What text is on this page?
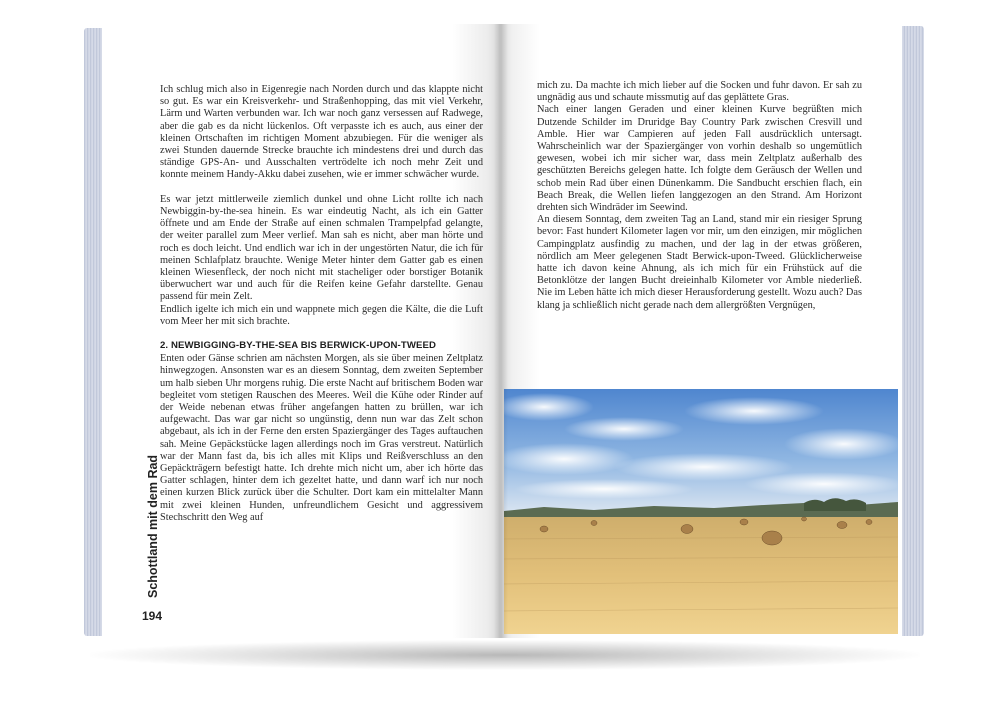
Ich schlug mich also in Eigenregie nach Norden durch und das klappte nicht so gut. Es war ein Kreisverkehr- und Straßenhopping, das mit viel Verkehr, Lärm und Warten verbunden war. Ich war noch ganz versessen auf Radwege, aber die gab es da nicht lückenlos. Oft verpasste ich es auch, aus einer der kleinen Ortschaften im richtigen Moment abzubiegen. Für die weniger als zwei Stunden dauernde Strecke brauchte ich mindestens drei und durch das ständige GPS-An- und Ausschalten vertrödelte ich noch mehr Zeit und konnte meinem Handy-Akku dabei zusehen, wie er immer schwächer wurde.

Es war jetzt mittlerweile ziemlich dunkel und ohne Licht rollte ich nach Newbiggin-by-the-sea hinein. Es war eindeutig Nacht, als ich ein Gatter öffnete und am Ende der Straße auf einen schmalen Trampelpfad gelangte, der weiter parallel zum Meer verlief. Man sah es nicht, aber man hörte und roch es doch leicht. Und endlich war ich in der ungestörten Natur, die ich für meinen Schlafplatz brauchte. Wenige Meter hinter dem Gatter gab es einen kleinen Wiesenfleck, der noch nicht mit stacheliger oder borstiger Botanik überwuchert war und auch für die Reifen keine Gefahr darstellte. Genau passend für mein Zelt.

Endlich igelte ich mich ein und wappnete mich gegen die Kälte, die die Luft vom Meer her mit sich brachte.

2. NEWBIGGING-BY-THE-SEA BIS BERWICK-UPON-TWEED

Enten oder Gänse schrien am nächsten Morgen, als sie über meinen Zeltplatz hinwegzogen. Ansonsten war es an diesem Sonntag, dem zweiten September um halb sieben Uhr morgens ruhig. Die erste Nacht auf britischem Boden war begleitet vom stetigen Rauschen des Meeres. Weil die Kühe oder Rinder auf der Weide nebenan etwas früher angefangen hatten zu brüllen, war ich aufgewacht. Das war gar nicht so ungünstig, denn nun war das Zelt schon abgebaut, als ich in der Ferne den ersten Spaziergänger des Tages auftauchen sah. Meine Gepäckstücke lagen allerdings noch im Gras verstreut. Natürlich war der Mann fast da, bis ich alles mit Klips und Reißverschluss an den Gepäckträgern befestigt hatte. Ich drehte mich nicht um, aber ich hörte das Gatter schlagen, hinter dem ich gezeltet hatte, und dann warf ich nur noch einen kurzen Blick zurück über die Schulter. Dort kam ein mittelalter Mann mit zwei kleinen Hunden, unfreundlichem Gesicht und aggressivem Stechschritt den Weg auf

Schottland mit dem Rad
194

mich zu. Da machte ich mich lieber auf die Socken und fuhr davon. Er sah zu ungnädig aus und schaute missmutig auf das geplättete Gras.

Nach einer langen Geraden und einer kleinen Kurve begrüßten mich Dutzende Schilder im Druridge Bay Country Park zwischen Cresvill und Amble. Hier war Campieren auf jeden Fall ausdrücklich untersagt. Wahrscheinlich war der Spaziergänger von vorhin deshalb so ungemütlich gewesen, wobei ich mir sicher war, dass mein Zeltplatz außerhalb des geschützten Bereichs gelegen hatte. Ich folgte dem Geräusch der Wellen und schob mein Rad über einen Dünenkamm. Die Sandbucht erschien flach, ein Beach Break, die Wellen liefen langgezogen an den Strand. Am Horizont drehten sich Windräder im Seewind.

An diesem Sonntag, dem zweiten Tag an Land, stand mir ein riesiger Sprung bevor: Fast hundert Kilometer lagen vor mir, um den einzigen, mir möglichen Campingplatz ausfindig zu machen, und der lag in der etwas größeren, nördlich am Meer gelegenen Stadt Berwick-upon-Tweed. Glücklicherweise hatte ich davon keine Ahnung, als ich mich für ein Frühstück auf die Betonklötze der langen Bucht dreieinhalb Kilometer vor Amble niederließ. Nie im Leben hätte ich mich dieser Herausforderung gestellt. Wozu auch? Das klang ja schließlich nicht gerade nach dem allergrößten Vergnügen,
